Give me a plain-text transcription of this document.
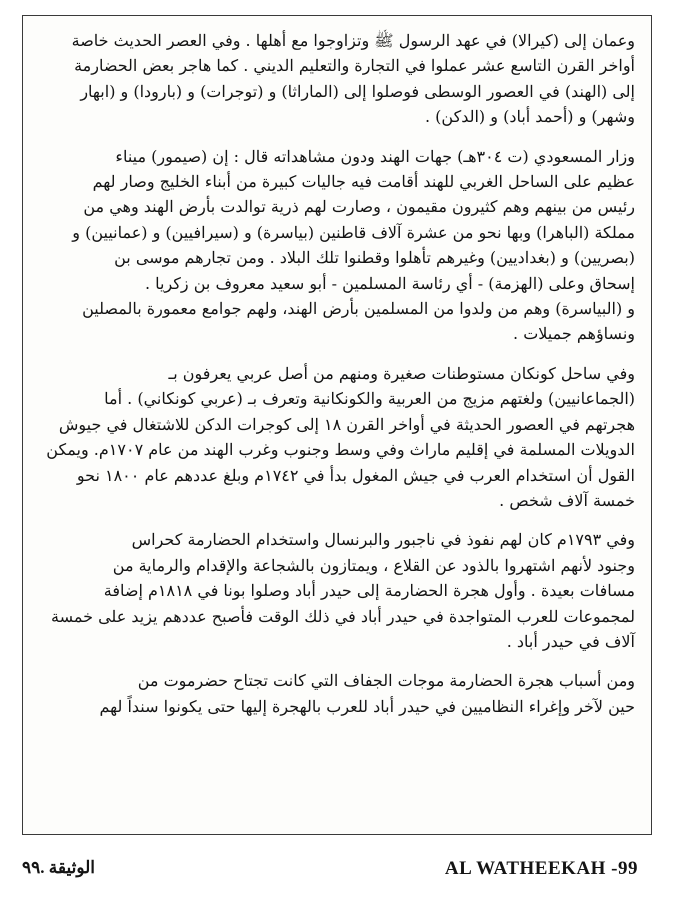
وعمان إلى (كيرالا) في عهد الرسول ﷺ وتزاوجوا مع أهلها . وفي العصر الحديث خاصة
أواخر القرن التاسع عشر عملوا في التجارة والتعليم الديني . كما هاجر بعض الحضارمة
إلى (الهند) في العصور الوسطى فوصلوا إلى (الماراثا) و (توجرات) و (بارودا) و (ابهار
وشهر) و (أحمد أباد) و (الدكن) .

وزار المسعودي (ت ٣٠٤هـ) جهات الهند ودون مشاهداته قال : إن (صيمور) ميناء
عظيم على الساحل الغربي للهند أقامت فيه جاليات كبيرة من أبناء الخليج وصار لهم
رئيس من بينهم وهم كثيرون مقيمون ، وصارت لهم ذرية توالدت بأرض الهند وهي من
مملكة (الباهرا) وبها نحو من عشرة آلاف قاطنين (بياسرة) و (سيرافيين) و (عمانيين) و
(بصريين) و (بغداديين) وغيرهم تأهلوا وقطنوا تلك البلاد . ومن تجارهم موسى بن
إسحاق وعلى (الهزمة) - أي رئاسة المسلمين - أبو سعيد معروف بن زكريا .
و (البياسرة) وهم من ولدوا من المسلمين بأرض الهند، ولهم جوامع معمورة بالمصلين
ونساؤهم جميلات .

وفي ساحل كونكان مستوطنات صغيرة ومنهم من أصل عربي يعرفون بـ
(الجماعانيين) ولغتهم مزيج من العربية والكونكانية وتعرف بـ (عربي كونكاني) . أما
هجرتهم في العصور الحديثة في أواخر القرن ١٨ إلى كوجرات الدكن للاشتغال في جيوش
الدويلات المسلمة في إقليم ماراث وفي وسط وجنوب وغرب الهند من عام ١٧٠٧م. ويمكن
القول أن استخدام العرب في جيش المغول بدأ في ١٧٤٢م وبلغ عددهم عام ١٨٠٠ نحو
خمسة آلاف شخص .

وفي ١٧٩٣م كان لهم نفوذ في ناجبور والبرنسال واستخدام الحضارمة كحراس
وجنود لأنهم اشتهروا بالذود عن القلاع ، ويمتازون بالشجاعة والإقدام والرماية من
مسافات بعيدة . وأول هجرة الحضارمة إلى حيدر أباد وصلوا بونا في ١٨١٨م إضافة
لمجموعات للعرب المتواجدة في حيدر أباد في ذلك الوقت فأصبح عددهم يزيد على خمسة
آلاف في حيدر أباد .

ومن أسباب هجرة الحضارمة موجات الجفاف التي كانت تجتاح حضرموت من
حين لآخر وإغراء النظاميين في حيدر أباد للعرب بالهجرة إليها حتى يكونوا سنداً لهم

AL WATHEEKAH -99
الوثيقة .٩٩
